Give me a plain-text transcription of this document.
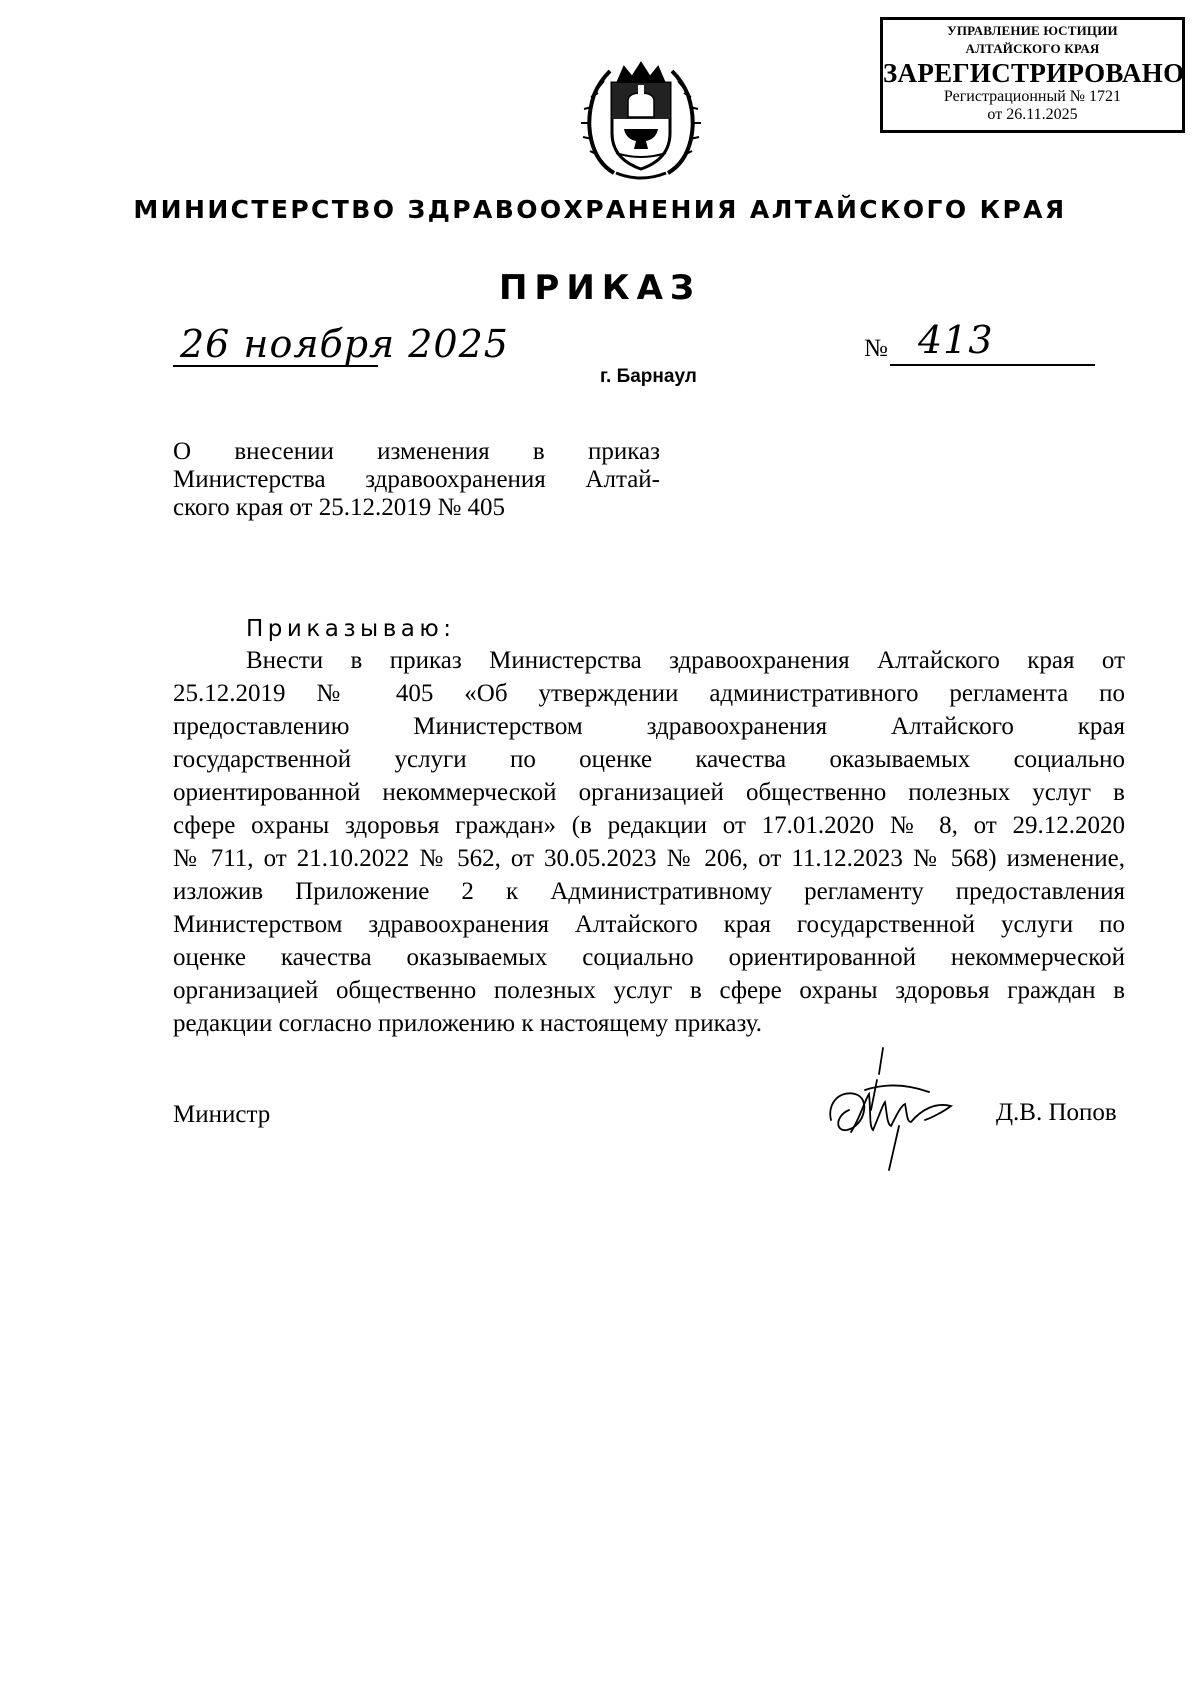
УПРАВЛЕНИЕ ЮСТИЦИИ
АЛТАЙСКОГО КРАЯ
ЗАРЕГИСТРИРОВАНО
Регистрационный № 1721
от 26.11.2025
МИНИСТЕРСТВО ЗДРАВООХРАНЕНИЯ АЛТАЙСКОГО КРАЯ
ПРИКАЗ
26 ноября 2025	№ 413
г. Барнаул
О внесении изменения в приказ
Министерства здравоохранения Алтай-
ского края от 25.12.2019 № 405
Приказываю:
Внести в приказ Министерства здравоохранения Алтайского края от
25.12.2019 № 405 «Об утверждении административного регламента по
предоставлению Министерством здравоохранения Алтайского края
государственной услуги по оценке качества оказываемых социально
ориентированной некоммерческой организацией общественно полезных услуг в
сфере охраны здоровья граждан» (в редакции от 17.01.2020 № 8, от 29.12.2020
№ 711, от 21.10.2022 № 562, от 30.05.2023 № 206, от 11.12.2023 № 568) изменение,
изложив Приложение 2 к Административному регламенту предоставления
Министерством здравоохранения Алтайского края государственной услуги по
оценке качества оказываемых социально ориентированной некоммерческой
организацией общественно полезных услуг в сфере охраны здоровья граждан в
редакции согласно приложению к настоящему приказу.
Министр	Д.В. Попов
